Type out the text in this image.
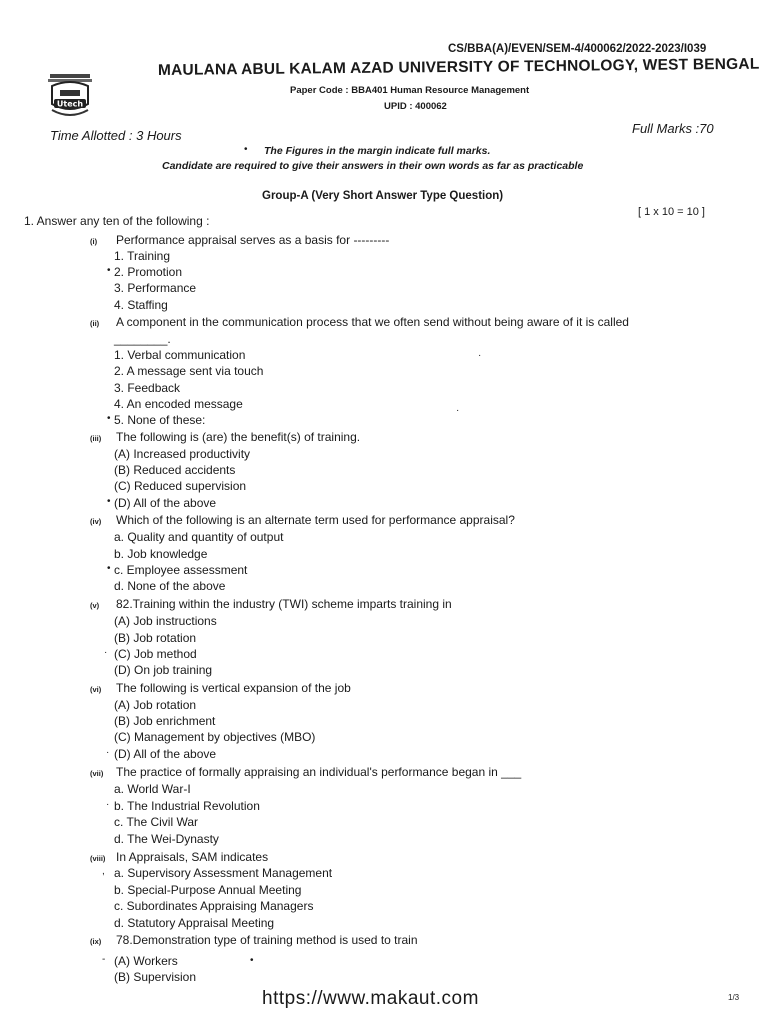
CS/BBA(A)/EVEN/SEM-4/400062/2022-2023/I039
Utech
MAULANA ABUL KALAM AZAD UNIVERSITY OF TECHNOLOGY, WEST BENGAL
Paper Code : BBA401 Human Resource Management
UPID : 400062
Time Allotted : 3 Hours	Full Marks :70
The Figures in the margin indicate full marks.
Candidate are required to give their answers in their own words as far as practicable
Group-A (Very Short Answer Type Question)
[ 1 x 10 = 10 ]
1. Answer any ten of the following :
(i) Performance appraisal serves as a basis for ---------
1. Training
2. Promotion
3. Performance
4. Staffing
(ii) A component in the communication process that we often send without being aware of it is called
________.
1. Verbal communication
2. A message sent via touch
3. Feedback
4. An encoded message
5. None of these:
(iii) The following is (are) the benefit(s) of training.
(A) Increased productivity
(B) Reduced accidents
(C) Reduced supervision
(D) All of the above
(iv) Which of the following is an alternate term used for performance appraisal?
a. Quality and quantity of output
b. Job knowledge
c. Employee assessment
d. None of the above
(v) 82.Training within the industry (TWI) scheme imparts training in
(A) Job instructions
(B) Job rotation
(C) Job method
(D) On job training
(vi) The following is vertical expansion of the job
(A) Job rotation
(B) Job enrichment
(C) Management by objectives (MBO)
(D) All of the above
(vii) The practice of formally appraising an individual's performance began in ___
a. World War-I
b. The Industrial Revolution
c. The Civil War
d. The Wei-Dynasty
(viii) In Appraisals, SAM indicates
a. Supervisory Assessment Management
b. Special-Purpose Annual Meeting
c. Subordinates Appraising Managers
d. Statutory Appraisal Meeting
(ix) 78.Demonstration type of training method is used to train
(A) Workers
(B) Supervision
•
•
•
•
•
·
·
·
,
-	•
·
·
https://www.makaut.com	1/3
